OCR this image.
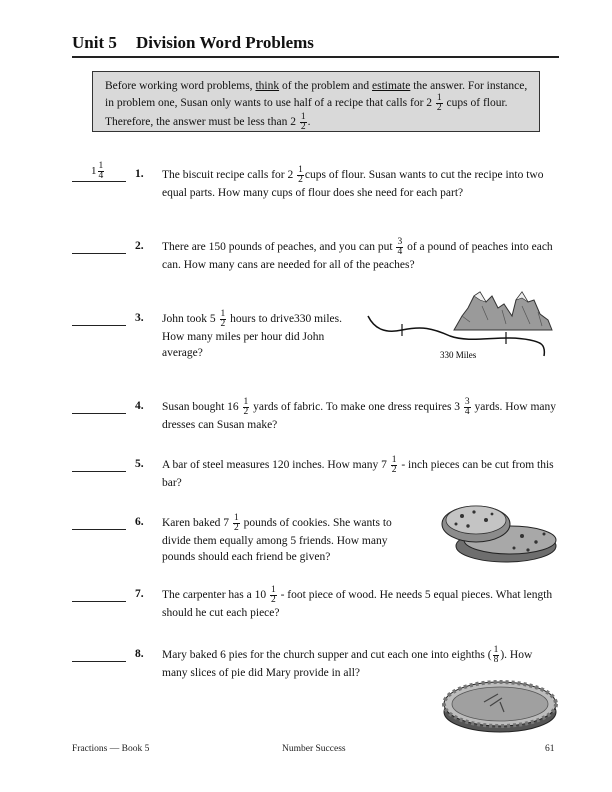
Unit 5 Division Word Problems
Before working word problems, think of the problem and estimate the answer. For instance, in problem one, Susan only wants to use half of a recipe that calls for $2 \frac{1}{2}$ cups of flour. Therefore, the answer must be less than $2 \frac{1}{2}$ .
$1 \frac{1}{4}$	1. The biscuit recipe calls for $2 \frac{1}{2}$ cups of flour. Susan wants to cut the recipe into two equal parts. How many cups of flour does she need for each part?
2. There are 150 pounds of peaches, and you can put $\frac{3}{4}$ of a pound of peaches into each can. How many cans are needed for all of the peaches?
3. John took $5 \frac{1}{2}$ hours to drive330 miles.
How many miles per hour did John
average?	330 Miles
4. Susan bought $16 \frac{1}{2}$ yards of fabric. To make one dress requires $3 \frac{3}{4}$ yards. How many dresses can Susan make?
5. A bar of steel measures 120 inches. How many $7 \frac{1}{2}$ - inch pieces can be cut from this bar?
6. Karen baked $7 \frac{1}{2}$ pounds of cookies. She wants to
divide them equally among 5 friends. How many
pounds should each friend be given?
7. The carpenter has a $10 \frac{1}{2}$ - foot piece of wood. He needs 5 equal pieces. What length should he cut each piece?
8. Mary baked 6 pies for the church supper and cut each one into eighths ( $\frac{1}{8}$ ). How many slices of pie did Mary provide in all?
Fractions — Book 5	Number Success	61
